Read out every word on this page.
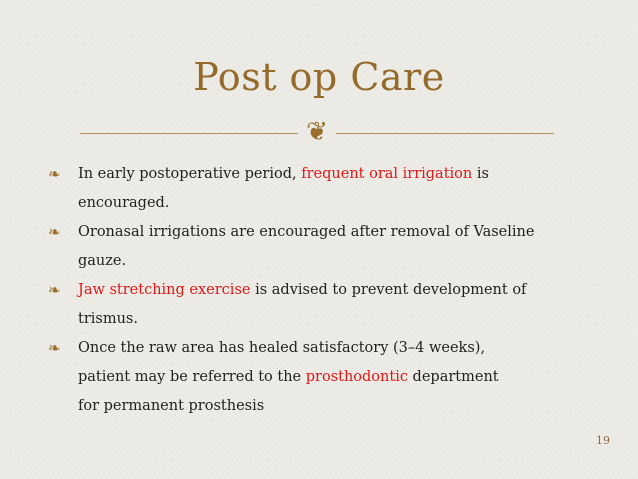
Post op Care
❦
❧	In early postoperative period, frequent oral irrigation is
encouraged.
❧	Oronasal irrigations are encouraged after removal of Vaseline
gauze.
❧	Jaw stretching exercise is advised to prevent development of
trismus.
❧	Once the raw area has healed satisfactory (3–4 weeks),
patient may be referred to the prosthodontic department
for permanent prosthesis
19
